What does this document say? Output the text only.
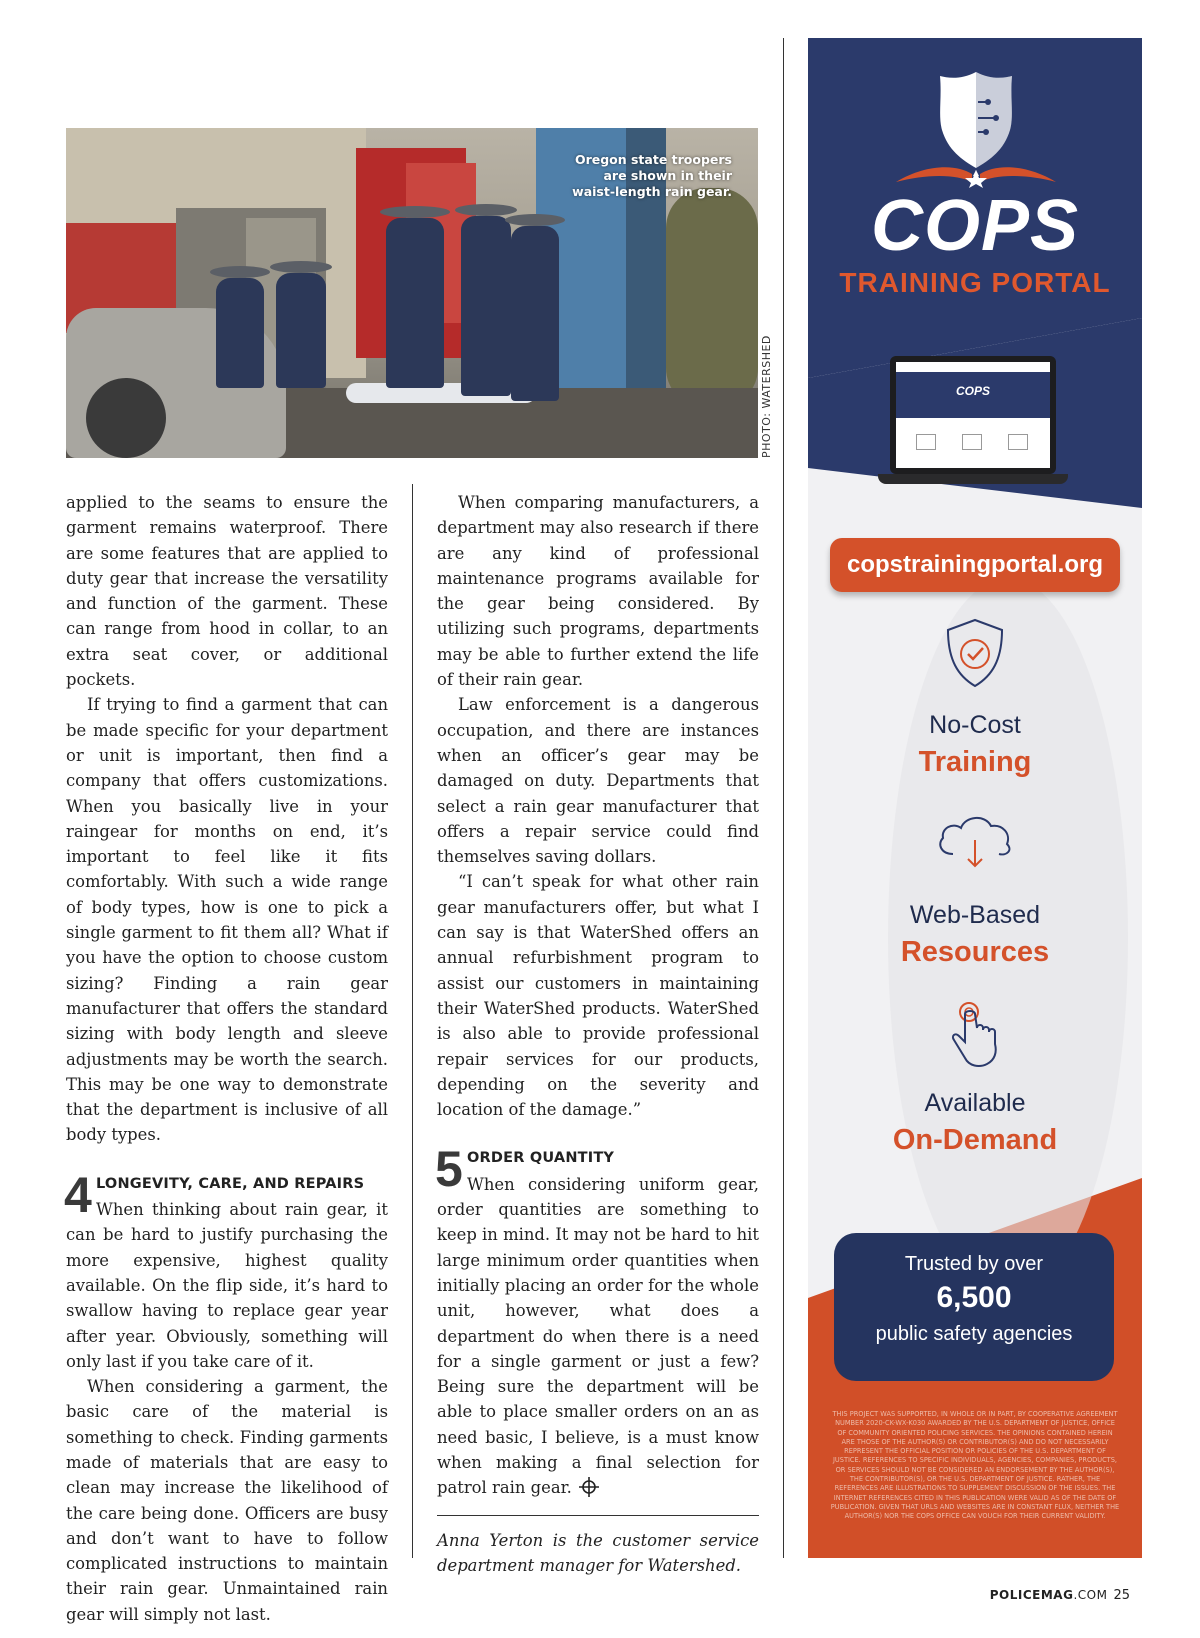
Oregon state troopers are shown in their waist-length rain gear.
PHOTO: WATERSHED

applied to the seams to ensure the garment remains waterproof. There are some features that are applied to duty gear that increase the versatility and function of the garment. These can range from hood in collar, to an extra seat cover, or additional pockets.

If trying to find a garment that can be made specific for your department or unit is important, then find a company that offers customizations. When you basically live in your raingear for months on end, it’s important to feel like it fits comfortably. With such a wide range of body types, how is one to pick a single garment to fit them all? What if you have the option to choose custom sizing? Finding a rain gear manufacturer that offers the standard sizing with body length and sleeve adjustments may be worth the search. This may be one way to demonstrate that the department is inclusive of all body types.

4 LONGEVITY, CARE, AND REPAIRS

When thinking about rain gear, it can be hard to justify purchasing the more expensive, highest quality available. On the flip side, it’s hard to swallow having to replace gear year after year. Obviously, something will only last if you take care of it.

When considering a garment, the basic care of the material is something to check. Finding garments made of materials that are easy to clean may increase the likelihood of the care being done. Officers are busy and don’t want to have to follow complicated instructions to maintain their rain gear. Unmaintained rain gear will simply not last.

When comparing manufacturers, a department may also research if there are any kind of professional maintenance programs available for the gear being considered. By utilizing such programs, departments may be able to further extend the life of their rain gear.

Law enforcement is a dangerous occupation, and there are instances when an officer’s gear may be damaged on duty. Departments that select a rain gear manufacturer that offers a repair service could find themselves saving dollars.

“I can’t speak for what other rain gear manufacturers offer, but what I can say is that WaterShed offers an annual refurbishment program to assist our customers in maintaining their WaterShed products. WaterShed is also able to provide professional repair services for our products, depending on the severity and location of the damage.”

5 ORDER QUANTITY

When considering uniform gear, order quantities are something to keep in mind. It may not be hard to hit large minimum order quantities when initially placing an order for the whole unit, however, what does a department do when there is a need for a single garment or just a few? Being sure the department will be able to place smaller orders on an as need basic, I believe, is a must know when making a final selection for patrol rain gear.

Anna Yerton is the customer service department manager for Watershed.

COPS
TRAINING PORTAL
COPS
copstrainingportal.org
No-Cost
Training
Web-Based
Resources
Available
On-Demand
Trusted by over
6,500
public safety agencies
THIS PROJECT WAS SUPPORTED, IN WHOLE OR IN PART, BY COOPERATIVE AGREEMENT NUMBER 2020-CK-WX-K030 AWARDED BY THE U.S. DEPARTMENT OF JUSTICE, OFFICE OF COMMUNITY ORIENTED POLICING SERVICES. THE OPINIONS CONTAINED HEREIN ARE THOSE OF THE AUTHOR(S) OR CONTRIBUTOR(S) AND DO NOT NECESSARILY REPRESENT THE OFFICIAL POSITION OR POLICIES OF THE U.S. DEPARTMENT OF JUSTICE. REFERENCES TO SPECIFIC INDIVIDUALS, AGENCIES, COMPANIES, PRODUCTS, OR SERVICES SHOULD NOT BE CONSIDERED AN ENDORSEMENT BY THE AUTHOR(S), THE CONTRIBUTOR(S), OR THE U.S. DEPARTMENT OF JUSTICE. RATHER, THE REFERENCES ARE ILLUSTRATIONS TO SUPPLEMENT DISCUSSION OF THE ISSUES. THE INTERNET REFERENCES CITED IN THIS PUBLICATION WERE VALID AS OF THE DATE OF PUBLICATION. GIVEN THAT URLS AND WEBSITES ARE IN CONSTANT FLUX, NEITHER THE AUTHOR(S) NOR THE COPS OFFICE CAN VOUCH FOR THEIR CURRENT VALIDITY.
POLICEMAG.COM 25
